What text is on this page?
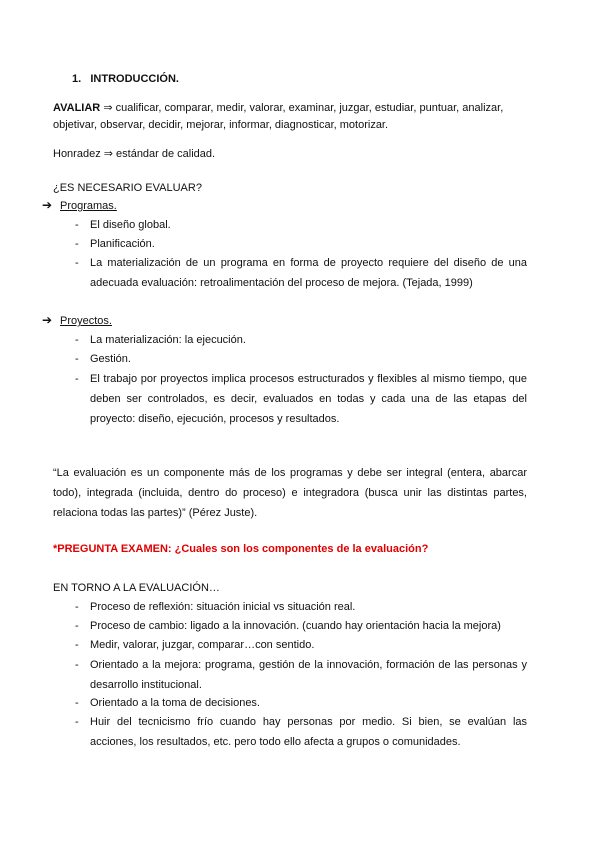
1. INTRODUCCIÓN.
AVALIAR ⇒ cualificar, comparar, medir, valorar, examinar, juzgar, estudiar, puntuar, analizar,
objetivar, observar, decidir, mejorar, informar, diagnosticar, motorizar.
Honradez ⇒ estándar de calidad.
¿ES NECESARIO EVALUAR?
➔ Programas.
- El diseño global.
- Planificación.
- La materialización de un programa en forma de proyecto requiere del diseño de una adecuada evaluación: retroalimentación del proceso de mejora. (Tejada, 1999)
➔ Proyectos.
- La materialización: la ejecución.
- Gestión.
- El trabajo por proyectos implica procesos estructurados y flexibles al mismo tiempo, que deben ser controlados, es decir, evaluados en todas y cada una de las etapas del proyecto: diseño, ejecución, procesos y resultados.
“La evaluación es un componente más de los programas y debe ser integral (entera, abarcar todo), integrada (incluida, dentro do proceso) e integradora (busca unir las distintas partes, relaciona todas las partes)” (Pérez Juste).
*PREGUNTA EXAMEN: ¿Cuales son los componentes de la evaluación?
EN TORNO A LA EVALUACIÓN…
- Proceso de reflexión: situación inicial vs situación real.
- Proceso de cambio: ligado a la innovación. (cuando hay orientación hacia la mejora)
- Medir, valorar, juzgar, comparar…con sentido.
- Orientado a la mejora: programa, gestión de la innovación, formación de las personas y desarrollo institucional.
- Orientado a la toma de decisiones.
- Huir del tecnicismo frío cuando hay personas por medio. Si bien, se evalúan las acciones, los resultados, etc. pero todo ello afecta a grupos o comunidades.
